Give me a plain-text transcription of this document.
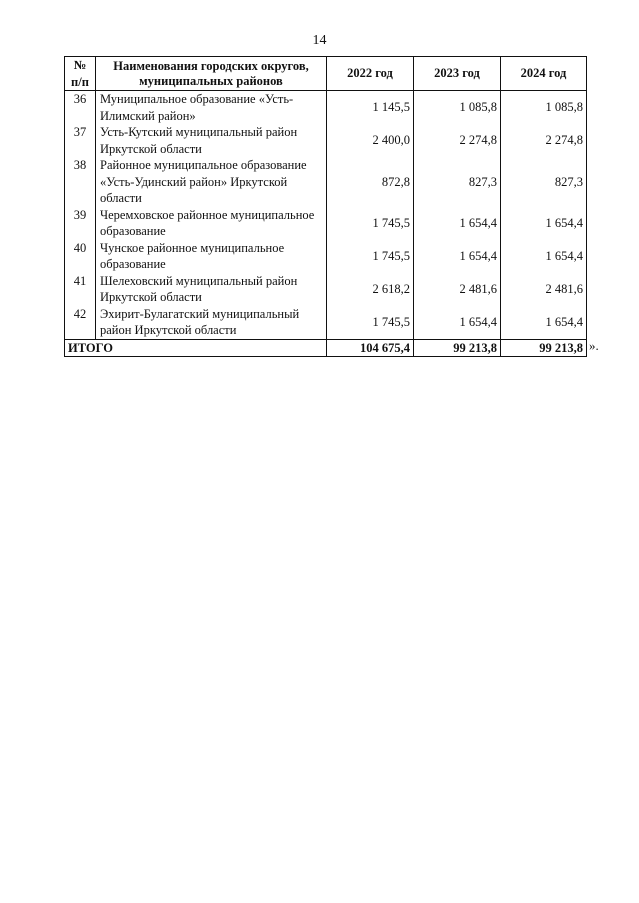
14
№ п/п	Наименования городских округов, муниципальных районов	2022 год	2023 год	2024 год
36	Муниципальное образование «Усть-Илимский район»	1 145,5	1 085,8	1 085,8
37	Усть-Кутский муниципальный район Иркутской области	2 400,0	2 274,8	2 274,8
38	Районное муниципальное образование «Усть-Удинский район» Иркутской области	872,8	827,3	827,3
39	Черемховское районное муниципальное образование	1 745,5	1 654,4	1 654,4
40	Чунское районное муниципальное образование	1 745,5	1 654,4	1 654,4
41	Шелеховский муниципальный район Иркутской области	2 618,2	2 481,6	2 481,6
42	Эхирит-Булагатский муниципальный район Иркутской области	1 745,5	1 654,4	1 654,4
ИТОГО		104 675,4	99 213,8	99 213,8 ».
